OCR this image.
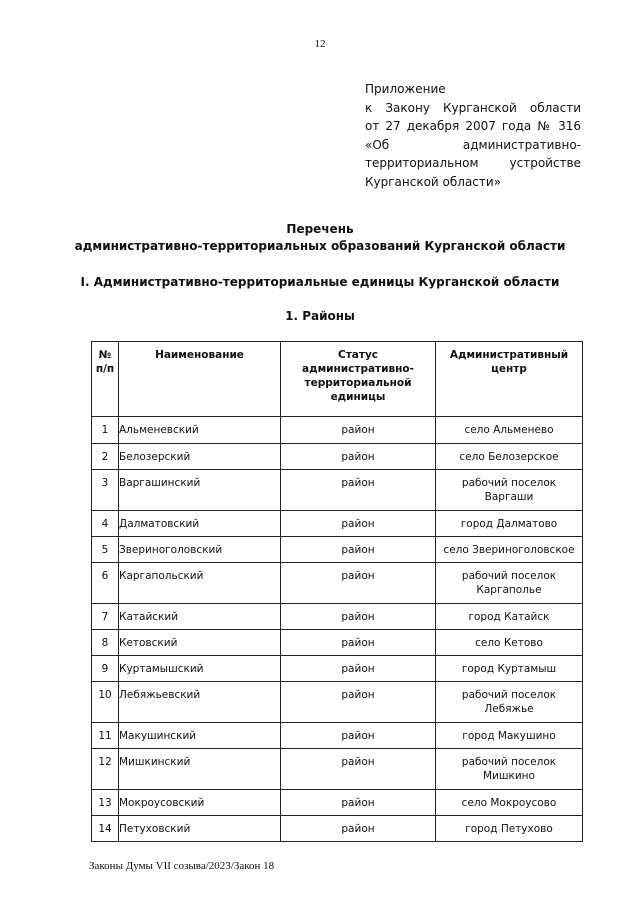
12
Приложение
к Закону Курганской области
от 27 декабря 2007 года № 316
«Об административно-
территориальном устройстве
Курганской области»
Перечень
административно-территориальных образований Курганской области
I. Административно-территориальные единицы Курганской области
1. Районы
№ п/п	Наименование	Статус административно-территориальной единицы	Административный центр
1	Альменевский	район	село Альменево
2	Белозерский	район	село Белозерское
3	Варгашинский	район	рабочий поселок Варгаши
4	Далматовский	район	город Далматово
5	Звериноголовский	район	село Звериноголовское
6	Каргапольский	район	рабочий поселок Каргаполье
7	Катайский	район	город Катайск
8	Кетовский	район	село Кетово
9	Куртамышский	район	город Куртамыш
10	Лебяжьевский	район	рабочий поселок Лебяжье
11	Макушинский	район	город Макушино
12	Мишкинский	район	рабочий поселок Мишкино
13	Мокроусовский	район	село Мокроусово
14	Петуховский	район	город Петухово
Законы Думы VII созыва/2023/Закон 18
